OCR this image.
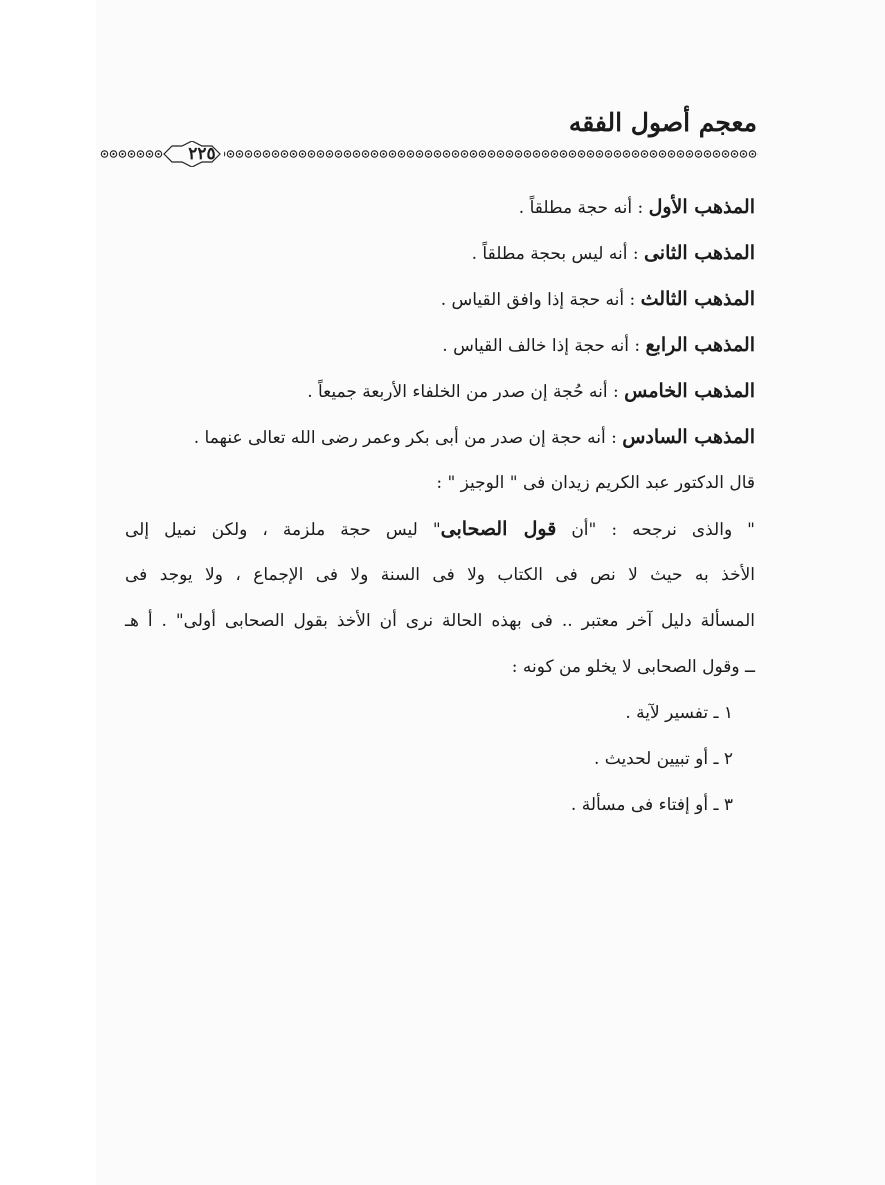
معجم أصول الفقه
٢٢٥
المذهب الأول : أنه حجة مطلقاً .
المذهب الثانى : أنه ليس بحجة مطلقاً .
المذهب الثالث : أنه حجة إذا وافق القياس .
المذهب الرابع : أنه حجة إذا خالف القياس .
المذهب الخامس : أنه حُجة إن صدر من الخلفاء الأربعة جميعاً .
المذهب السادس : أنه حجة إن صدر من أبى بكر وعمر رضى الله تعالى عنهما .
قال الدكتور عبد الكريم زيدان فى " الوجيز " :
" والذى نرجحه : "أن قول الصحابى" ليس حجة ملزمة ، ولكن نميل إلى
الأخذ به حيث لا نص فى الكتاب ولا فى السنة ولا فى الإجماع ، ولا يوجد فى
المسألة دليل آخر معتبر .. فى بهذه الحالة نرى أن الأخذ بقول الصحابى أولى" . أ هـ
ــ وقول الصحابى لا يخلو من كونه :
١ ـ تفسير لآية .
٢ ـ أو تبيين لحديث .
٣ ـ أو إفتاء فى مسألة .
